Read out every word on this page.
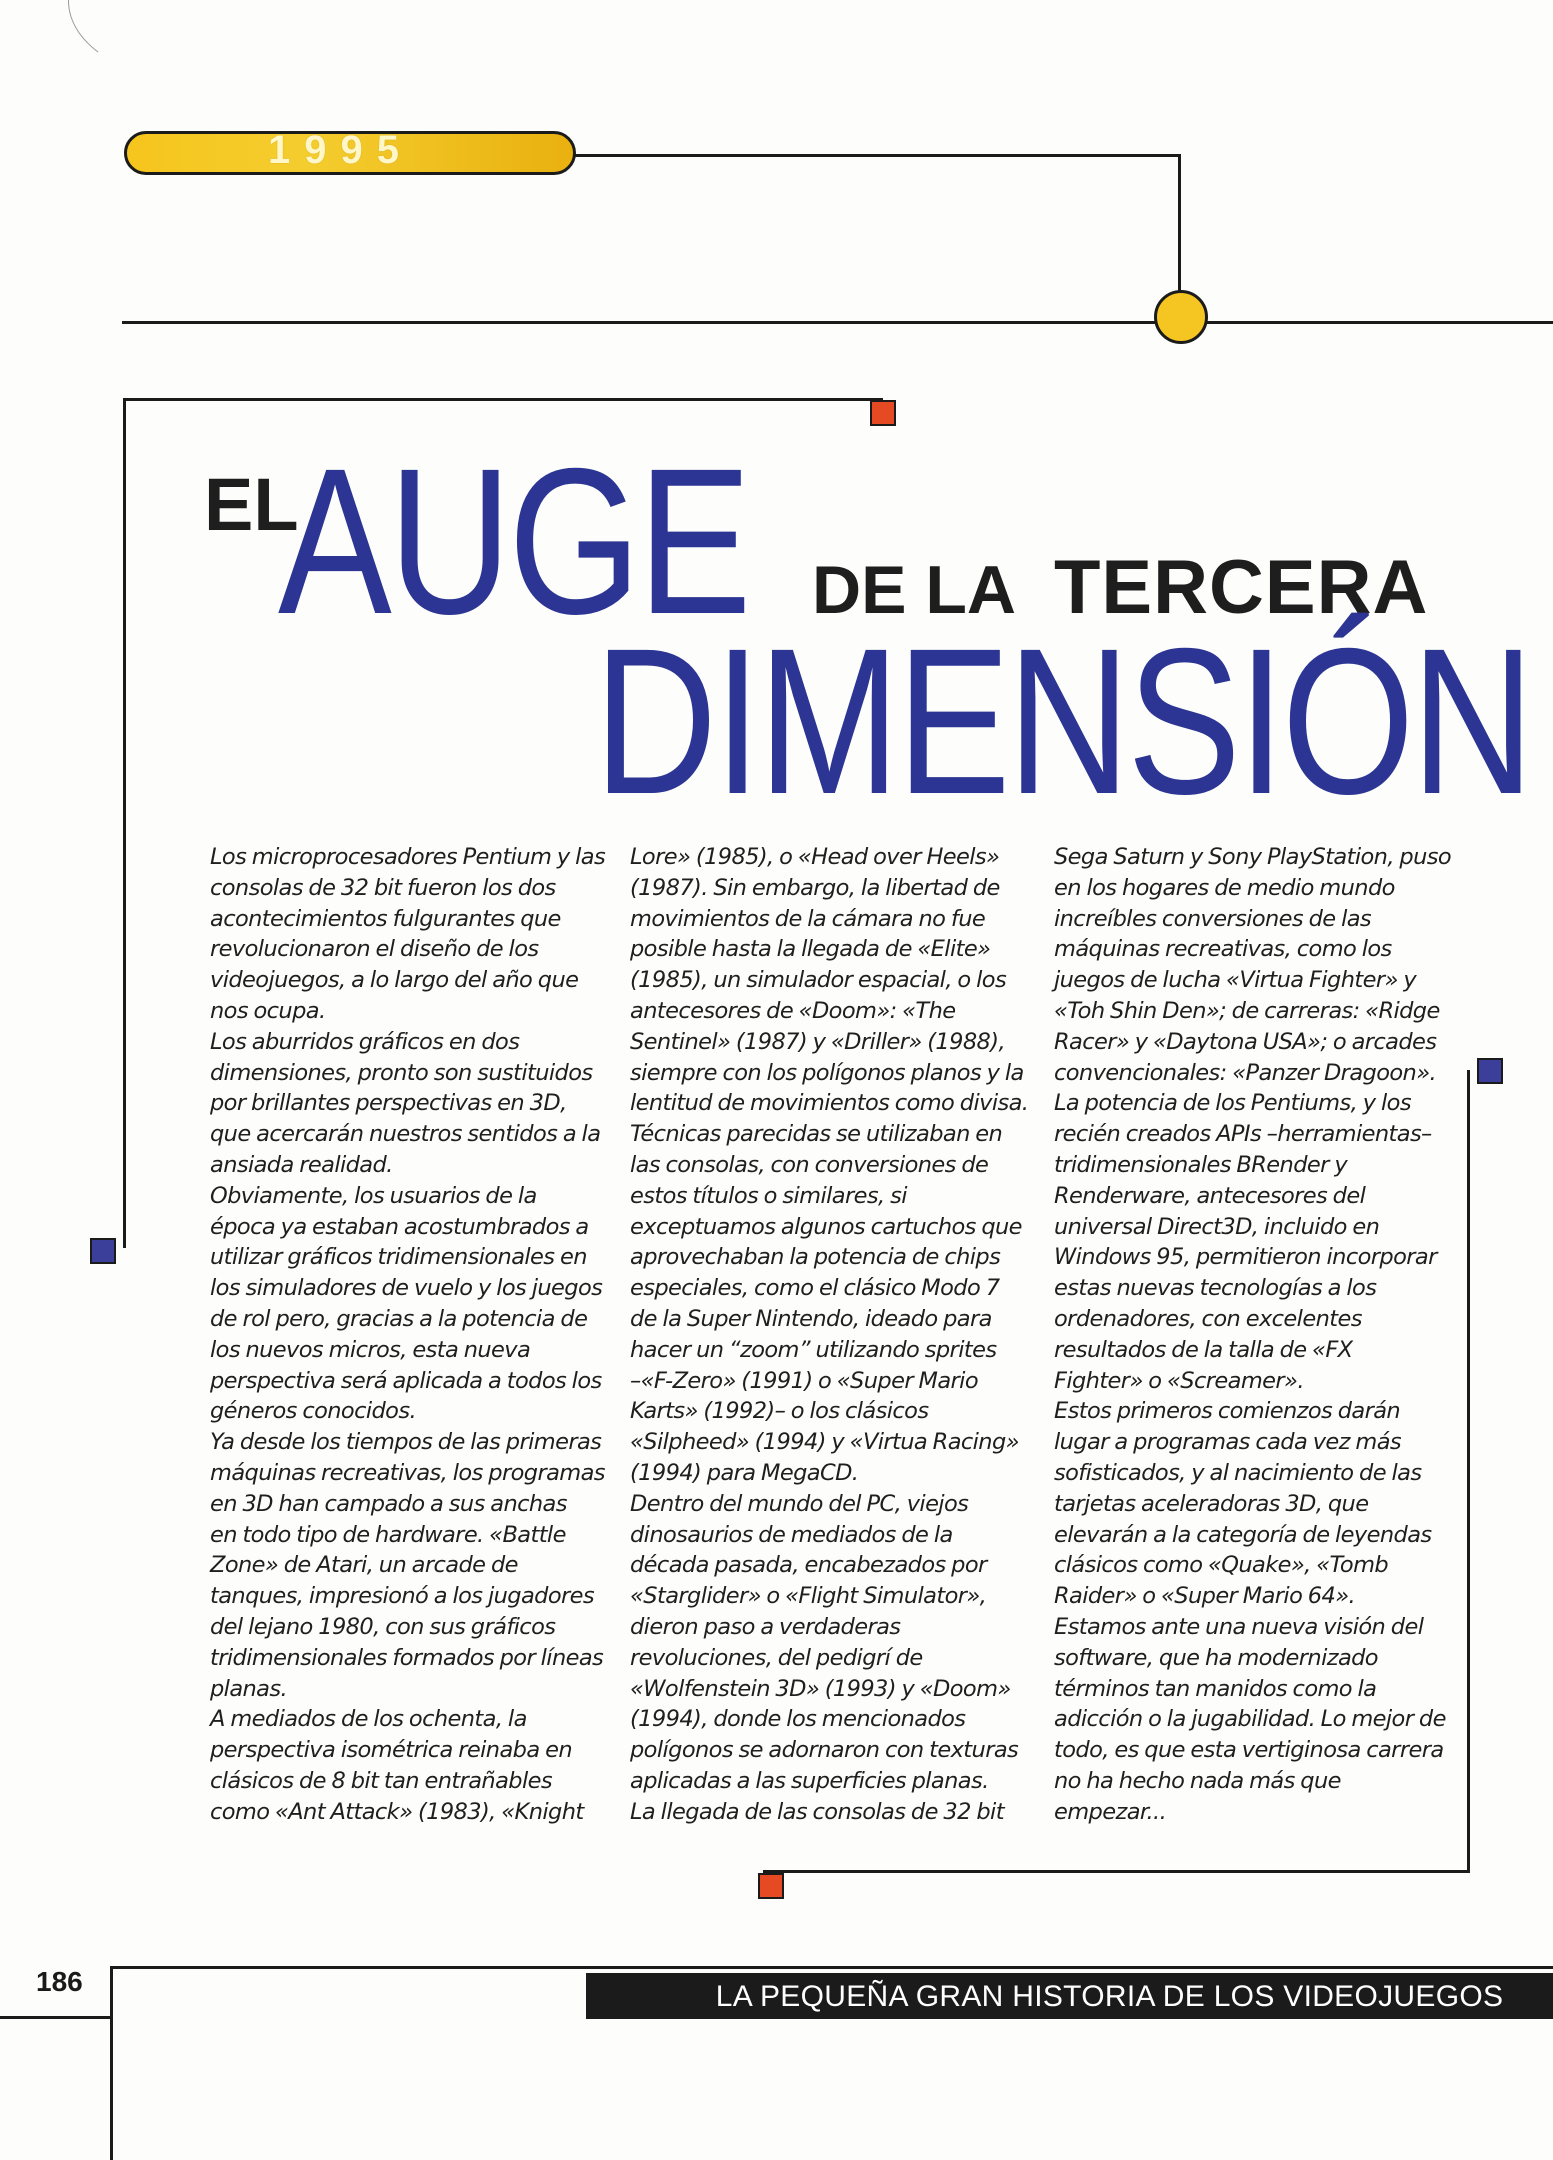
1995
EL
AUGE DE LA TERCERA
DIMENSIÓN

Los microprocesadores Pentium y las

consolas de 32 bit fueron los dos

acontecimientos fulgurantes que

revolucionaron el diseño de los

videojuegos, a lo largo del año que

nos ocupa.

Los aburridos gráficos en dos

dimensiones, pronto son sustituidos

por brillantes perspectivas en 3D,

que acercarán nuestros sentidos a la

ansiada realidad.

Obviamente, los usuarios de la

época ya estaban acostumbrados a

utilizar gráficos tridimensionales en

los simuladores de vuelo y los juegos

de rol pero, gracias a la potencia de

los nuevos micros, esta nueva

perspectiva será aplicada a todos los

géneros conocidos.

Ya desde los tiempos de las primeras

máquinas recreativas, los programas

en 3D han campado a sus anchas

en todo tipo de hardware. «Battle

Zone» de Atari, un arcade de

tanques, impresionó a los jugadores

del lejano 1980, con sus gráficos

tridimensionales formados por líneas

planas.

A mediados de los ochenta, la

perspectiva isométrica reinaba en

clásicos de 8 bit tan entrañables

como «Ant Attack» (1983), «Knight

Lore» (1985), o «Head over Heels»

(1987). Sin embargo, la libertad de

movimientos de la cámara no fue

posible hasta la llegada de «Elite»

(1985), un simulador espacial, o los

antecesores de «Doom»: «The

Sentinel» (1987) y «Driller» (1988),

siempre con los polígonos planos y la

lentitud de movimientos como divisa.

Técnicas parecidas se utilizaban en

las consolas, con conversiones de

estos títulos o similares, si

exceptuamos algunos cartuchos que

aprovechaban la potencia de chips

especiales, como el clásico Modo 7

de la Super Nintendo, ideado para

hacer un “zoom” utilizando sprites

–«F-Zero» (1991) o «Super Mario

Karts» (1992)– o los clásicos

«Silpheed» (1994) y «Virtua Racing»

(1994) para MegaCD.

Dentro del mundo del PC, viejos

dinosaurios de mediados de la

década pasada, encabezados por

«Starglider» o «Flight Simulator»,

dieron paso a verdaderas

revoluciones, del pedigrí de

«Wolfenstein 3D» (1993) y «Doom»

(1994), donde los mencionados

polígonos se adornaron con texturas

aplicadas a las superficies planas.

La llegada de las consolas de 32 bit

Sega Saturn y Sony PlayStation, puso

en los hogares de medio mundo

increíbles conversiones de las

máquinas recreativas, como los

juegos de lucha «Virtua Fighter» y

«Toh Shin Den»; de carreras: «Ridge

Racer» y «Daytona USA»; o arcades

convencionales: «Panzer Dragoon».

La potencia de los Pentiums, y los

recién creados APIs –herramientas–

tridimensionales BRender y

Renderware, antecesores del

universal Direct3D, incluido en

Windows 95, permitieron incorporar

estas nuevas tecnologías a los

ordenadores, con excelentes

resultados de la talla de «FX

Fighter» o «Screamer».

Estos primeros comienzos darán

lugar a programas cada vez más

sofisticados, y al nacimiento de las

tarjetas aceleradoras 3D, que

elevarán a la categoría de leyendas

clásicos como «Quake», «Tomb

Raider» o «Super Mario 64».

Estamos ante una nueva visión del

software, que ha modernizado

términos tan manidos como la

adicción o la jugabilidad. Lo mejor de

todo, es que esta vertiginosa carrera

no ha hecho nada más que

empezar...

186	LA PEQUEÑA GRAN HISTORIA DE LOS VIDEOJUEGOS
